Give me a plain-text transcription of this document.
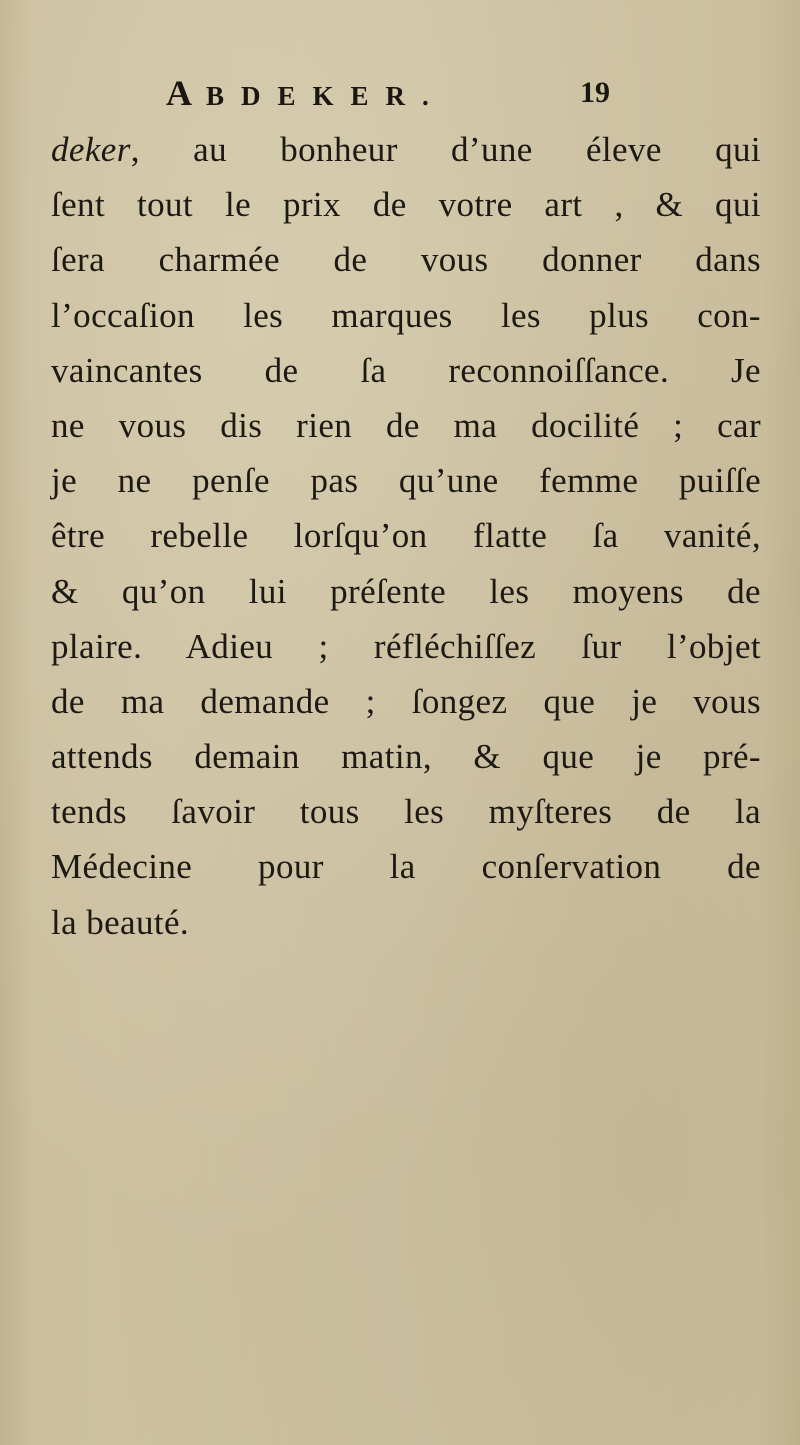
ABDEKER.	19
deker, au bonheur d’une éleve qui
ſent tout le prix de votre art , & qui
ſera charmée de vous donner dans
l’occaſion les marques les plus con-
vaincantes de ſa reconnoiſſance. Je
ne vous dis rien de ma docilité ; car
je ne penſe pas qu’une femme puiſſe
être rebelle lorſqu’on flatte ſa vanité,
& qu’on lui préſente les moyens de
plaire. Adieu ; réfléchiſſez ſur l’objet
de ma demande ; ſongez que je vous
attends demain matin, & que je pré-
tends ſavoir tous les myſteres de la
Médecine pour la conſervation de
la beauté.
